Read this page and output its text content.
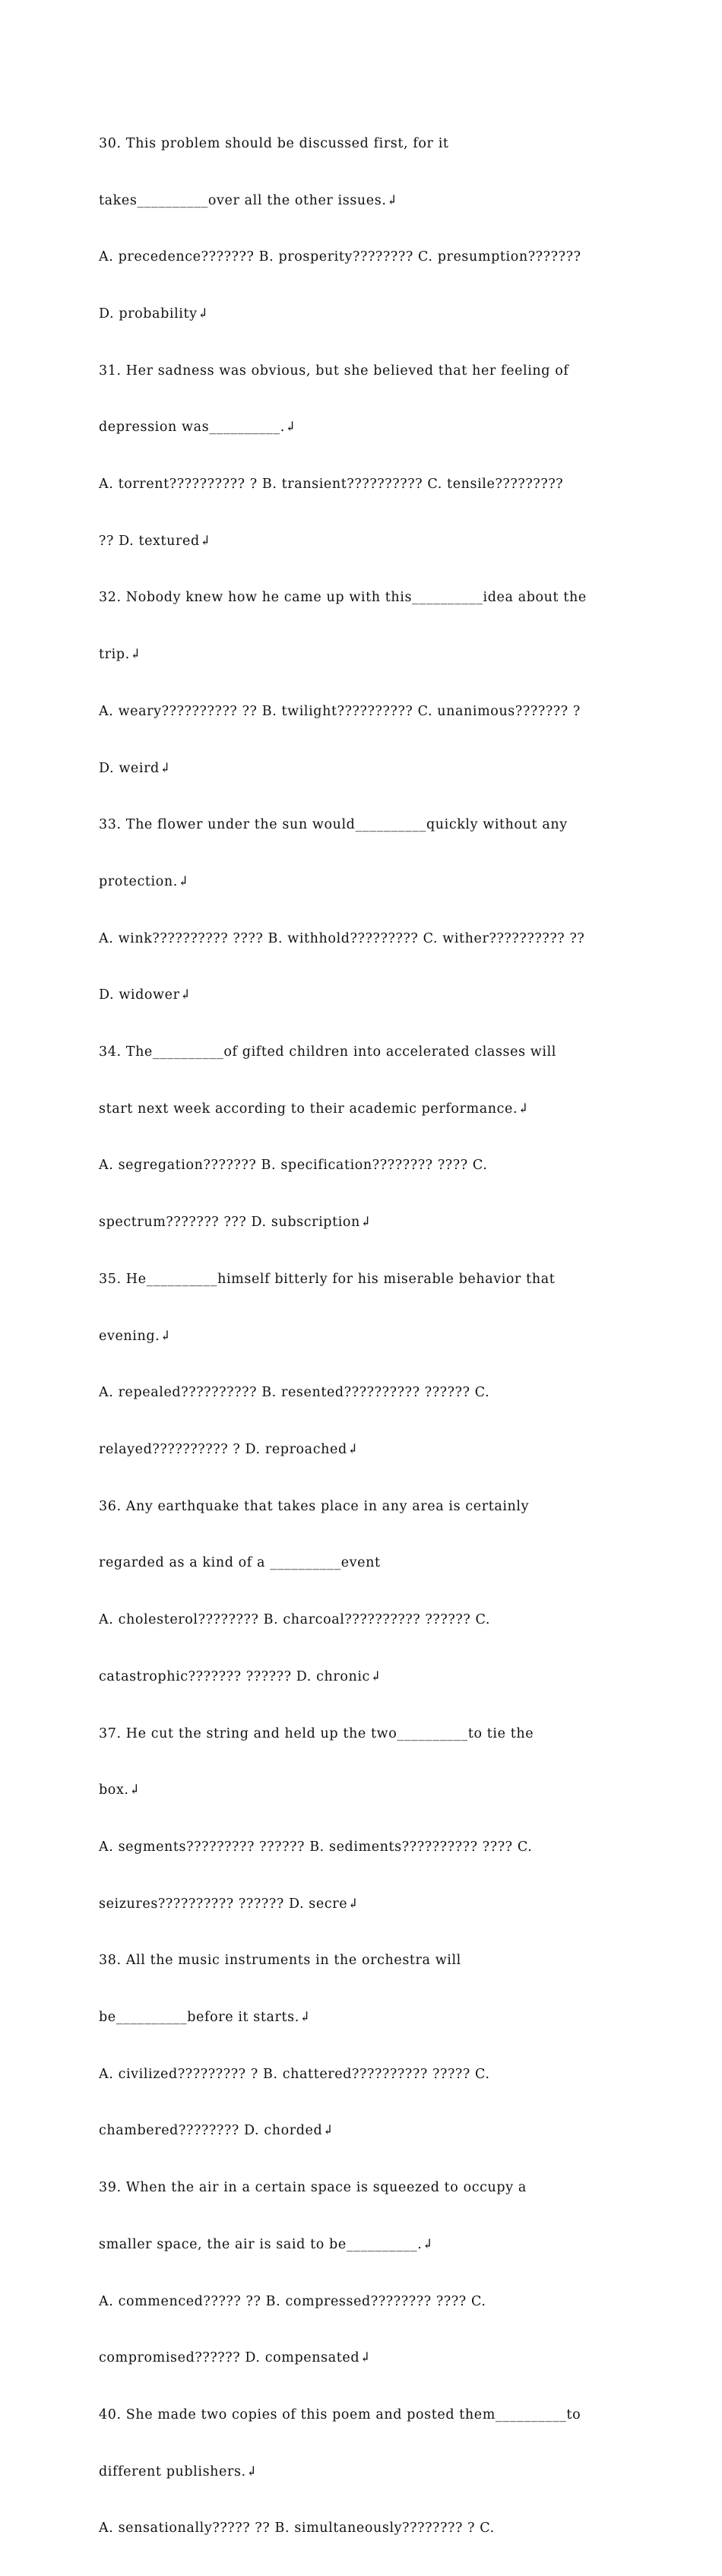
30. This problem should be discussed first, for it

takes__________over all the other issues.↲

A. precedence??????? B. prosperity???????? C. presumption???????

D. probability↲

31. Her sadness was obvious, but she believed that her feeling of

depression was__________.↲

A. torrent?????????? ? B. transient?????????? C. tensile?????????

?? D. textured↲

32. Nobody knew how he came up with this__________idea about the

trip.↲

A. weary?????????? ?? B. twilight?????????? C. unanimous??????? ?

D. weird↲

33. The flower under the sun would__________quickly without any

protection.↲

A. wink?????????? ???? B. withhold????????? C. wither?????????? ??

D. widower↲

34. The__________of gifted children into accelerated classes will

start next week according to their academic performance.↲

A. segregation??????? B. specification???????? ???? C.

spectrum??????? ??? D. subscription↲

35. He__________himself bitterly for his miserable behavior that

evening.↲

A. repealed?????????? B. resented?????????? ?????? C.

relayed?????????? ? D. reproached↲

36. Any earthquake that takes place in any area is certainly

regarded as a kind of a __________event

A. cholesterol???????? B. charcoal?????????? ?????? C.

catastrophic??????? ?????? D. chronic↲

37. He cut the string and held up the two__________to tie the

box.↲

A. segments????????? ?????? B. sediments?????????? ???? C.

seizures?????????? ?????? D. secre↲

38. All the music instruments in the orchestra will

be__________before it starts.↲

A. civilized????????? ? B. chattered?????????? ????? C.

chambered???????? D. chorded↲

39. When the air in a certain space is squeezed to occupy a

smaller space, the air is said to be__________.↲

A. commenced????? ?? B. compressed???????? ???? C.

compromised?????? D. compensated↲

40. She made two copies of this poem and posted them__________to

different publishers.↲

A. sensationally????? ?? B. simultaneously???????? ? C.
